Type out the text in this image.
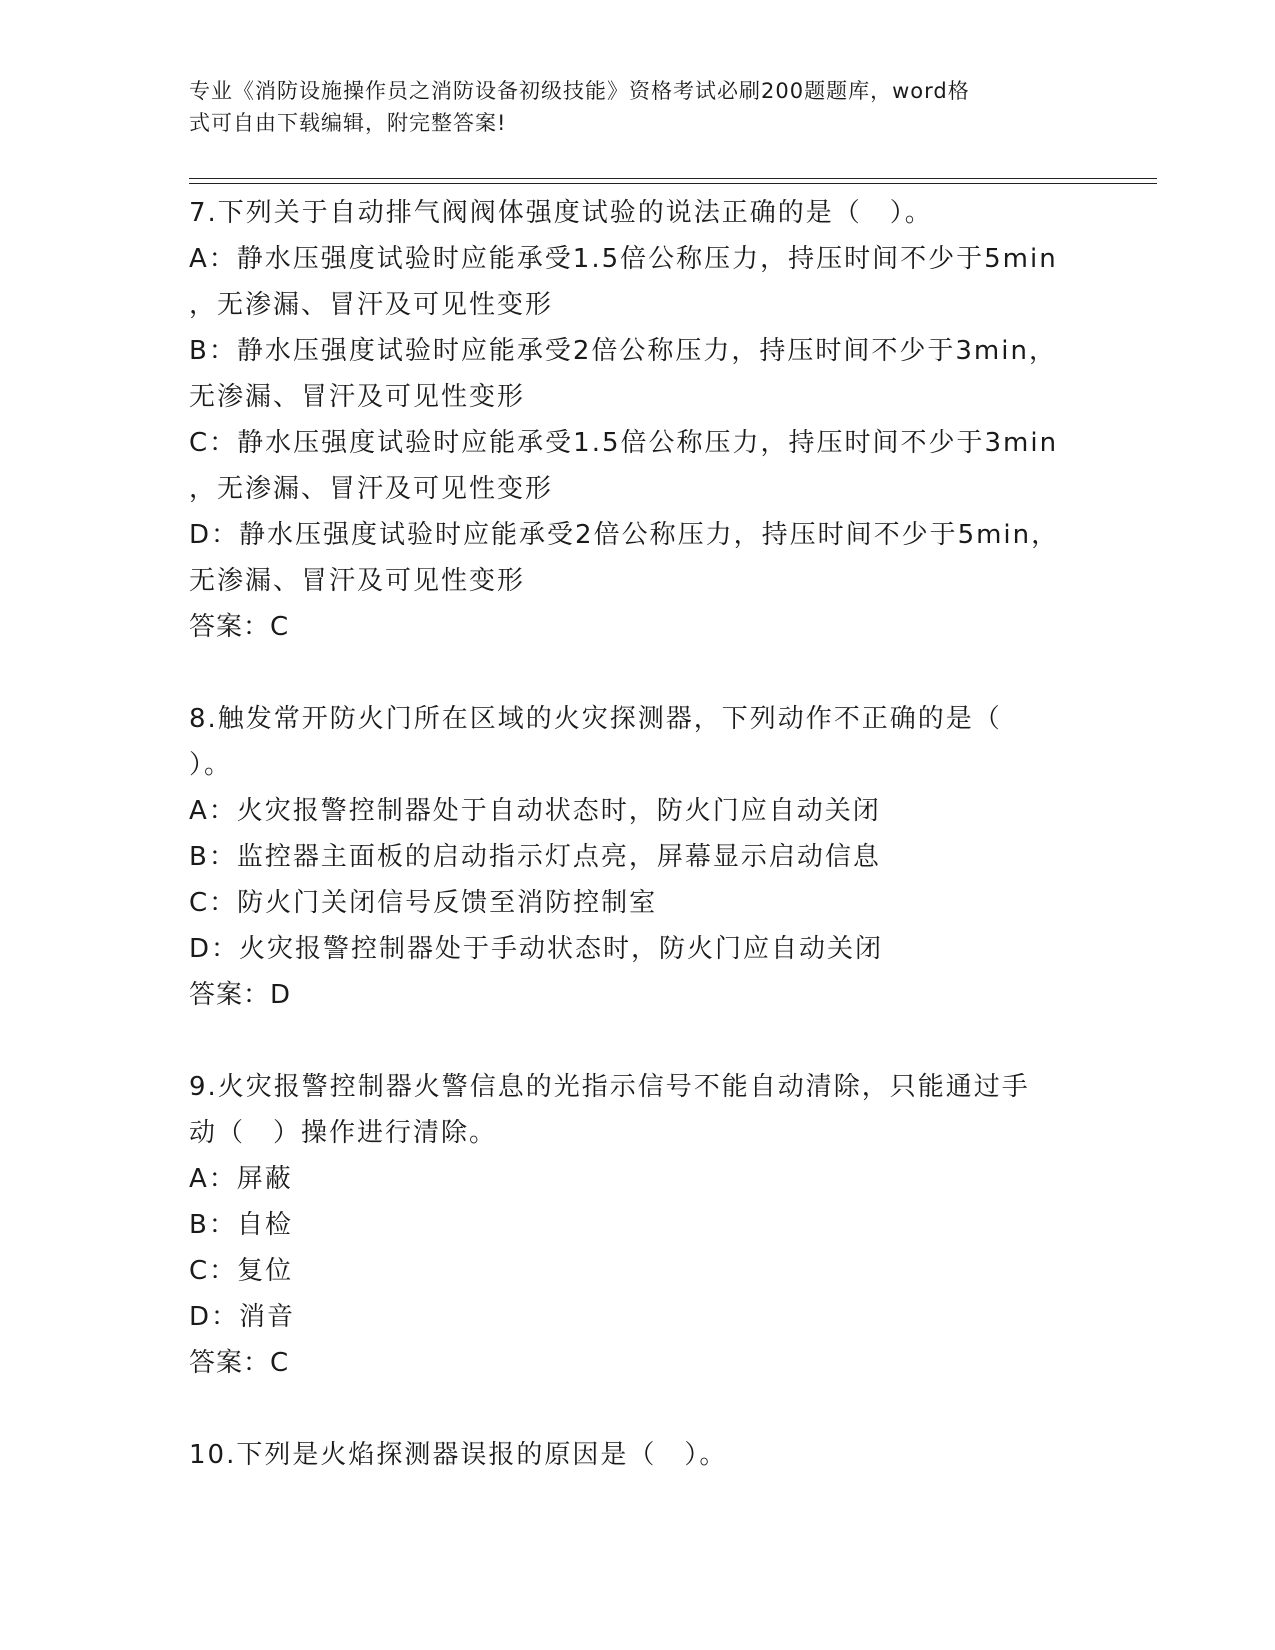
专业《消防设施操作员之消防设备初级技能》资格考试必刷200题题库，word格
式可自由下载编辑，附完整答案!
7.下列关于自动排气阀阀体强度试验的说法正确的是（　）。
A：静水压强度试验时应能承受1.5倍公称压力，持压时间不少于5min
，无渗漏、冒汗及可见性变形
B：静水压强度试验时应能承受2倍公称压力，持压时间不少于3min，
无渗漏、冒汗及可见性变形
C：静水压强度试验时应能承受1.5倍公称压力，持压时间不少于3min
，无渗漏、冒汗及可见性变形
D：静水压强度试验时应能承受2倍公称压力，持压时间不少于5min，
无渗漏、冒汗及可见性变形
答案：C
8.触发常开防火门所在区域的火灾探测器，下列动作不正确的是（
）。
A：火灾报警控制器处于自动状态时，防火门应自动关闭
B：监控器主面板的启动指示灯点亮，屏幕显示启动信息
C：防火门关闭信号反馈至消防控制室
D：火灾报警控制器处于手动状态时，防火门应自动关闭
答案：D
9.火灾报警控制器火警信息的光指示信号不能自动清除，只能通过手
动（　）操作进行清除。
A：屏蔽
B：自检
C：复位
D：消音
答案：C
10.下列是火焰探测器误报的原因是（　）。
